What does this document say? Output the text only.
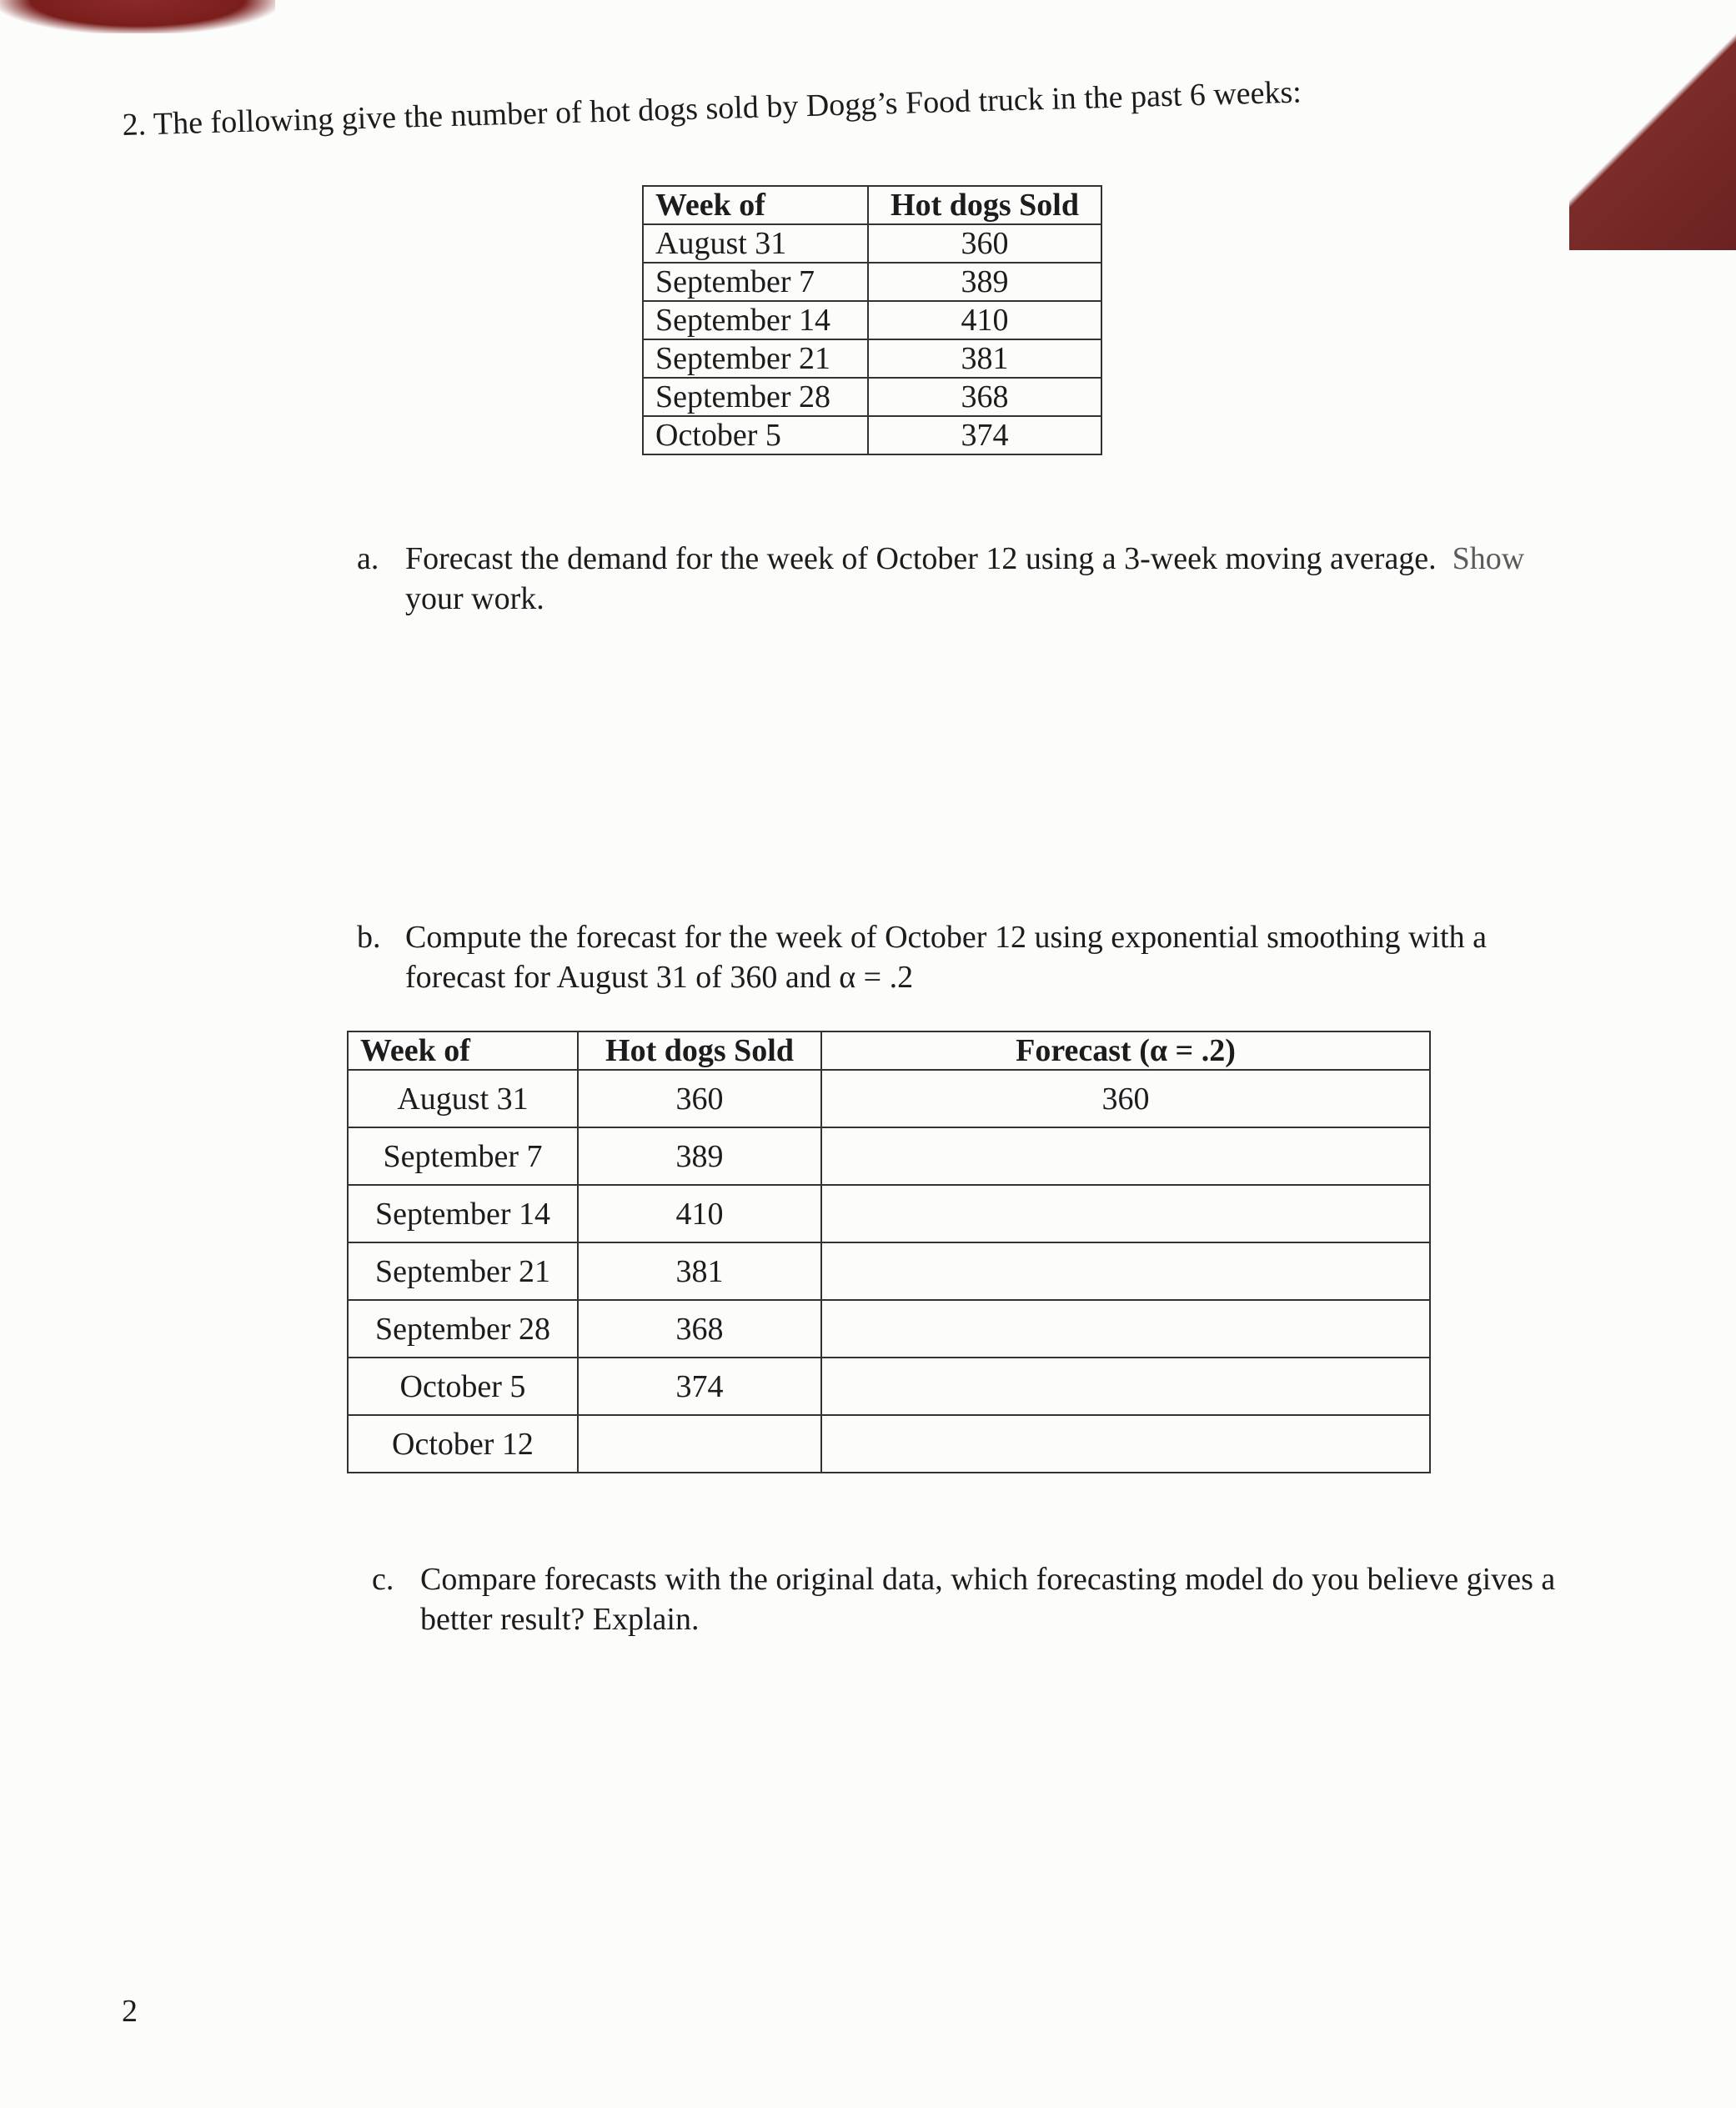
2. The following give the number of hot dogs sold by Dogg’s Food truck in the past 6 weeks:
Week of	Hot dogs Sold
August 31	360
September 7	389
September 14	410
September 21	381
September 28	368
October 5	374
a. Forecast the demand for the week of October 12 using a 3-week moving average. Show
your work.
b. Compute the forecast for the week of October 12 using exponential smoothing with a
forecast for August 31 of 360 and α = .2
Week of	Hot dogs Sold	Forecast (α = .2)
August 31	360	360
September 7	389	
September 14	410	
September 21	381	
September 28	368	
October 5	374	
October 12		
c. Compare forecasts with the original data, which forecasting model do you believe gives a
better result? Explain.
2
